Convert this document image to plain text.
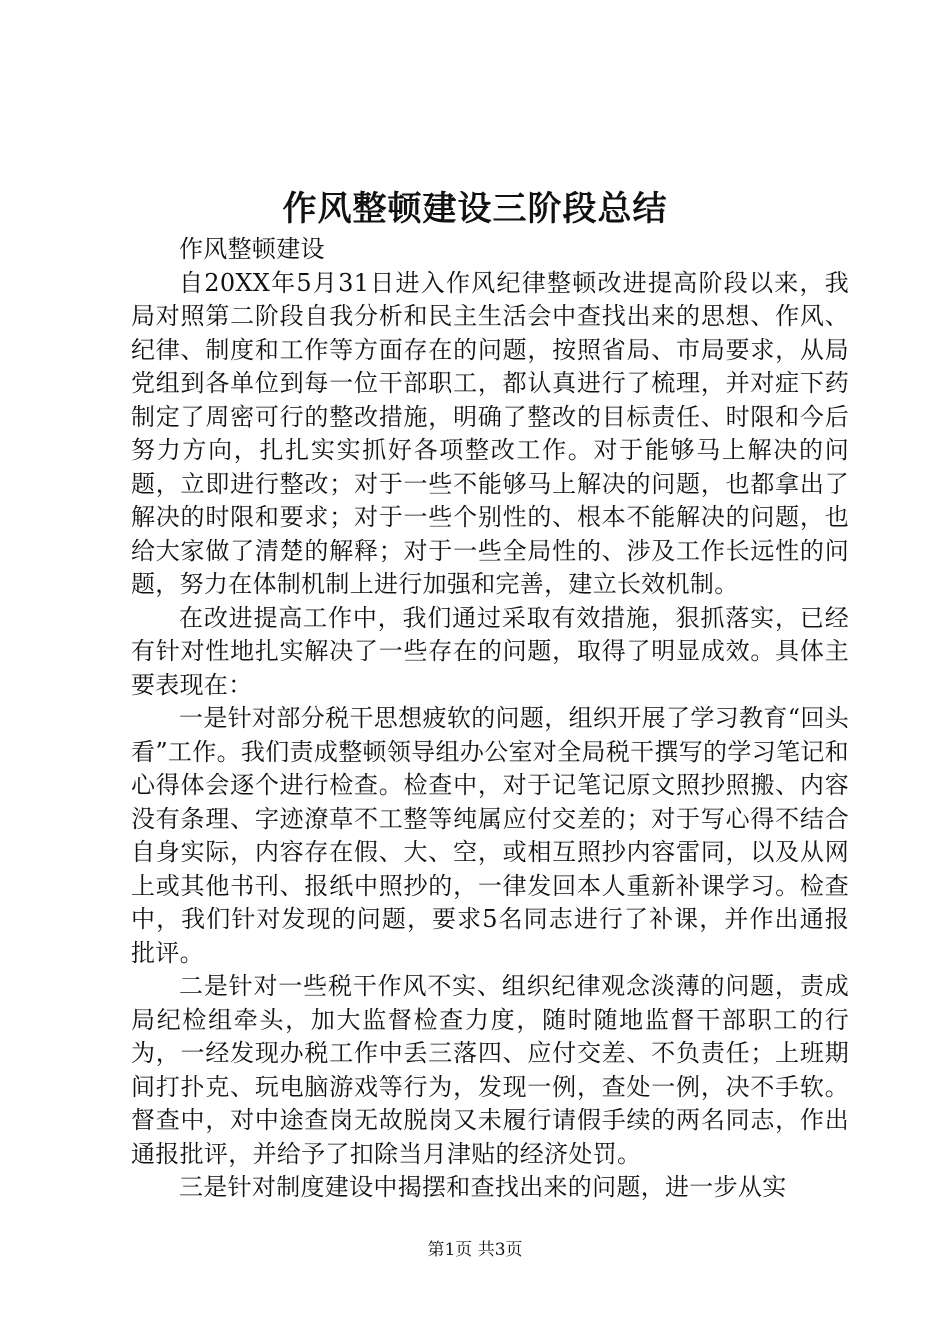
作风整顿建设三阶段总结

作风整顿建设

自20XX年5月31日进入作风纪律整顿改进提高阶段以来，我局对照第二阶段自我分析和民主生活会中查找出来的思想、作风、纪律、制度和工作等方面存在的问题，按照省局、市局要求，从局党组到各单位到每一位干部职工，都认真进行了梳理，并对症下药制定了周密可行的整改措施，明确了整改的目标责任、时限和今后努力方向，扎扎实实抓好各项整改工作。对于能够马上解决的问题，立即进行整改；对于一些不能够马上解决的问题，也都拿出了解决的时限和要求；对于一些个别性的、根本不能解决的问题，也给大家做了清楚的解释；对于一些全局性的、涉及工作长远性的问题，努力在体制机制上进行加强和完善，建立长效机制。

在改进提高工作中，我们通过采取有效措施，狠抓落实，已经有针对性地扎实解决了一些存在的问题，取得了明显成效。具体主要表现在：

一是针对部分税干思想疲软的问题，组织开展了学习教育“回头看”工作。我们责成整顿领导组办公室对全局税干撰写的学习笔记和心得体会逐个进行检查。检查中，对于记笔记原文照抄照搬、内容没有条理、字迹潦草不工整等纯属应付交差的；对于写心得不结合自身实际，内容存在假、大、空，或相互照抄内容雷同，以及从网上或其他书刊、报纸中照抄的，一律发回本人重新补课学习。检查中，我们针对发现的问题，要求5名同志进行了补课，并作出通报批评。

二是针对一些税干作风不实、组织纪律观念淡薄的问题，责成局纪检组牵头，加大监督检查力度，随时随地监督干部职工的行为，一经发现办税工作中丢三落四、应付交差、不负责任；上班期间打扑克、玩电脑游戏等行为，发现一例，查处一例，决不手软。督查中，对中途查岗无故脱岗又未履行请假手续的两名同志，作出通报批评，并给予了扣除当月津贴的经济处罚。

三是针对制度建设中揭摆和查找出来的问题，进一步从实

第1页 共3页
